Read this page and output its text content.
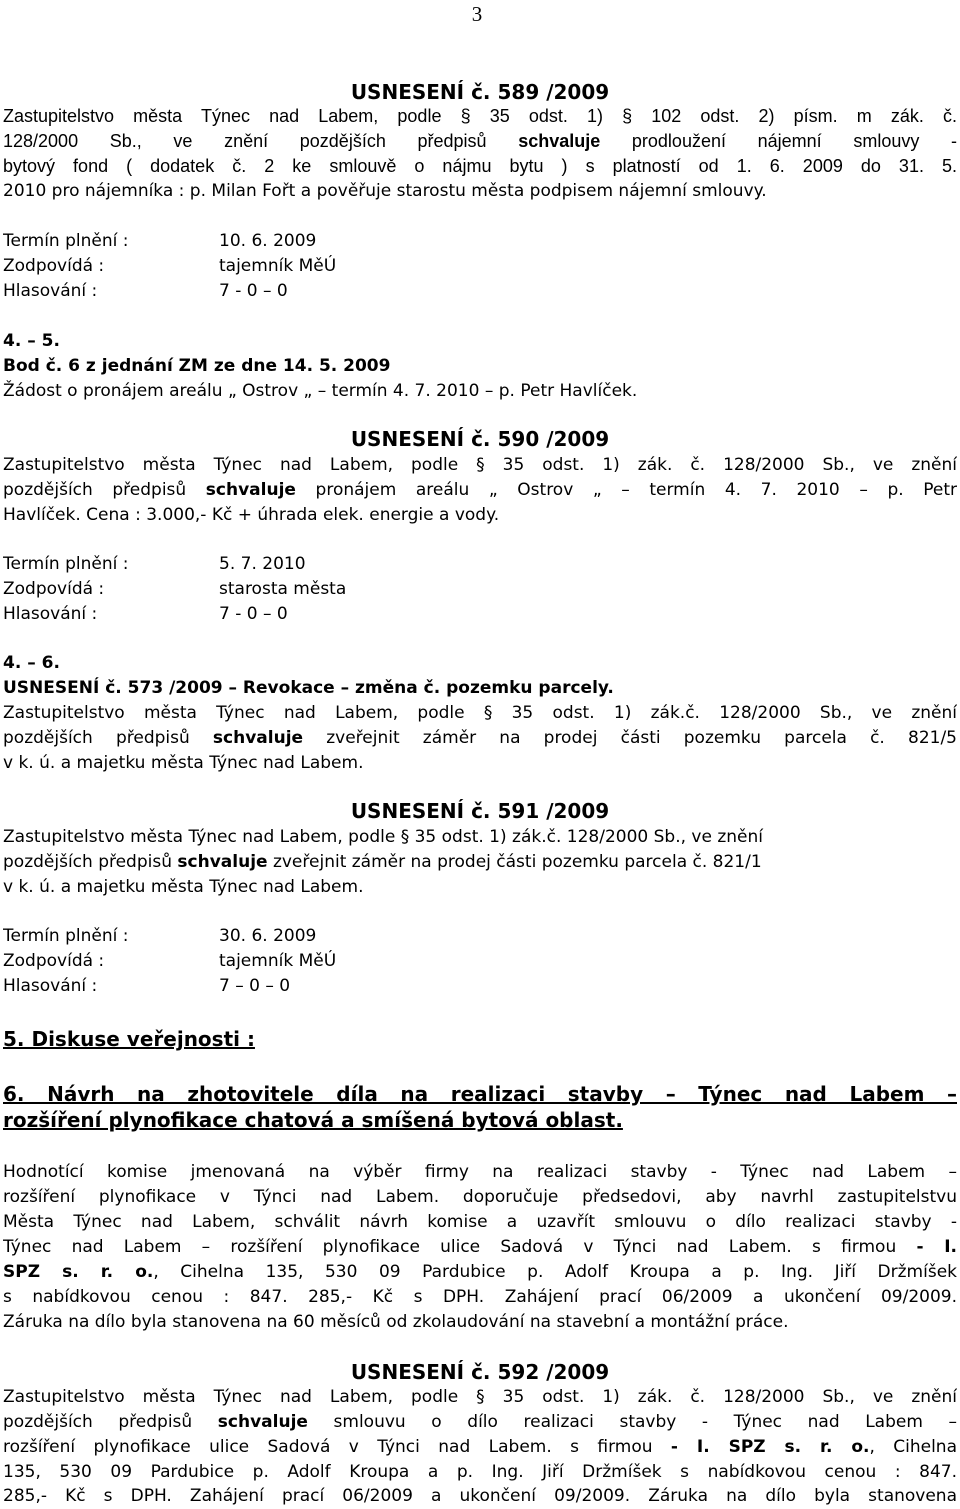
3
USNESENÍ č. 589 /2009
Zastupitelstvo města Týnec nad Labem, podle § 35 odst. 1) § 102 odst. 2) písm. m zák. č.
128/2000 Sb., ve znění pozdějších předpisů schvaluje prodloužení nájemní smlouvy -
bytový fond ( dodatek č. 2 ke smlouvě o nájmu bytu ) s platností od 1. 6. 2009 do 31. 5.
2010 pro nájemníka : p. Milan Fořt a pověřuje starostu města podpisem nájemní smlouvy.
Termín plnění :	10. 6. 2009
Zodpovídá :	tajemník MěÚ
Hlasování :	7 - 0 – 0
4. – 5.
Bod č. 6 z jednání ZM ze dne 14. 5. 2009
Žádost o pronájem areálu „ Ostrov „ – termín 4. 7. 2010 – p. Petr Havlíček.
USNESENÍ č. 590 /2009
Zastupitelstvo města Týnec nad Labem, podle § 35 odst. 1) zák. č. 128/2000 Sb., ve znění
pozdějších předpisů schvaluje pronájem areálu „ Ostrov „ – termín 4. 7. 2010 – p. Petr
Havlíček. Cena : 3.000,- Kč + úhrada elek. energie a vody.
Termín plnění :	5. 7. 2010
Zodpovídá :	starosta města
Hlasování :	7 - 0 – 0
4. – 6.
USNESENÍ č. 573 /2009 – Revokace – změna č. pozemku parcely.
Zastupitelstvo města Týnec nad Labem, podle § 35 odst. 1) zák.č. 128/2000 Sb., ve znění
pozdějších předpisů schvaluje zveřejnit záměr na prodej části pozemku parcela č. 821/5
v k. ú. a majetku města Týnec nad Labem.
USNESENÍ č. 591 /2009
Zastupitelstvo města Týnec nad Labem, podle § 35 odst. 1) zák.č. 128/2000 Sb., ve znění
pozdějších předpisů schvaluje zveřejnit záměr na prodej části pozemku parcela č. 821/1
v k. ú. a majetku města Týnec nad Labem.
Termín plnění :	30. 6. 2009
Zodpovídá :	tajemník MěÚ
Hlasování :	7 – 0 – 0
5. Diskuse veřejnosti :
6. Návrh na zhotovitele díla na realizaci stavby – Týnec nad Labem –
rozšíření plynofikace chatová a smíšená bytová oblast.
Hodnotící komise jmenovaná na výběr firmy na realizaci stavby - Týnec nad Labem –
rozšíření plynofikace v Týnci nad Labem. doporučuje předsedovi, aby navrhl zastupitelstvu
Města Týnec nad Labem, schválit návrh komise a uzavřít smlouvu o dílo realizaci stavby -
Týnec nad Labem – rozšíření plynofikace ulice Sadová v Týnci nad Labem. s firmou - I.
SPZ s. r. o., Cihelna 135, 530 09 Pardubice p. Adolf Kroupa a p. Ing. Jiří Držmíšek
s nabídkovou cenou : 847. 285,- Kč s DPH. Zahájení prací 06/2009 a ukončení 09/2009.
Záruka na dílo byla stanovena na 60 měsíců od zkolaudování na stavební a montážní práce.
USNESENÍ č. 592 /2009
Zastupitelstvo města Týnec nad Labem, podle § 35 odst. 1) zák. č. 128/2000 Sb., ve znění
pozdějších předpisů schvaluje smlouvu o dílo realizaci stavby - Týnec nad Labem –
rozšíření plynofikace ulice Sadová v Týnci nad Labem. s firmou - I. SPZ s. r. o., Cihelna
135, 530 09 Pardubice p. Adolf Kroupa a p. Ing. Jiří Držmíšek s nabídkovou cenou : 847.
285,- Kč s DPH. Zahájení prací 06/2009 a ukončení 09/2009. Záruka na dílo byla stanovena
